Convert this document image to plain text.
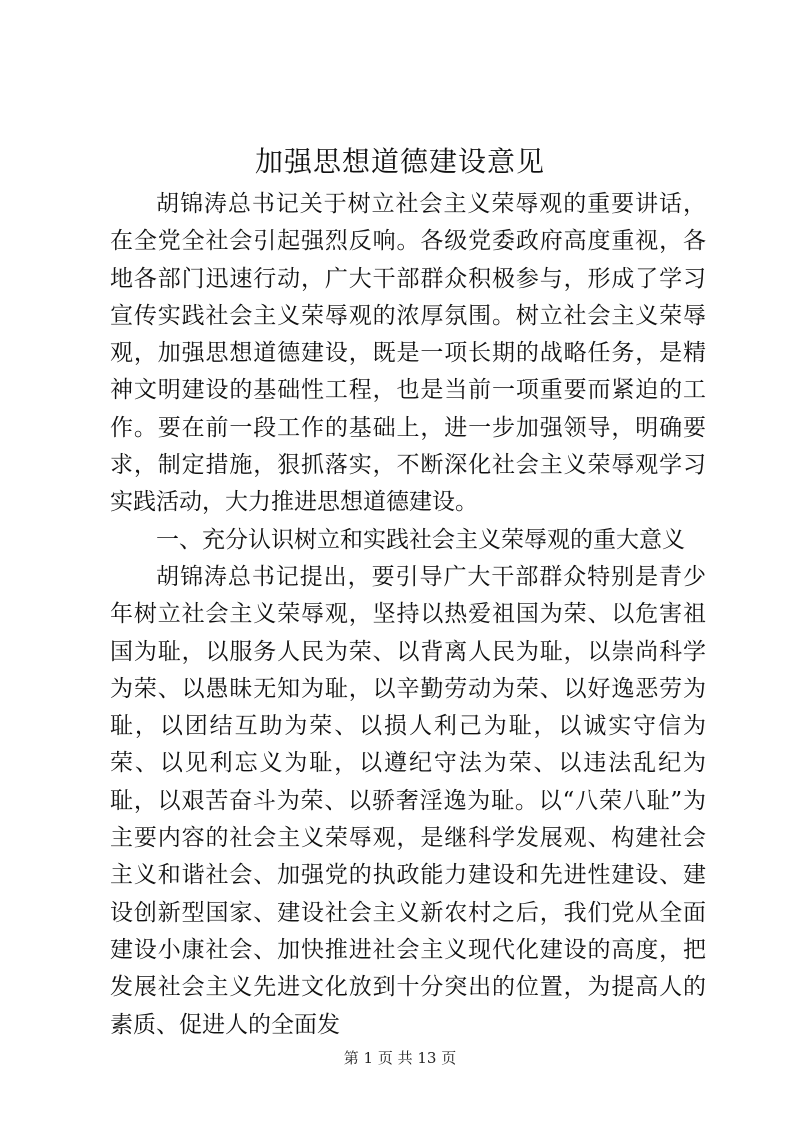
加强思想道德建设意见

胡锦涛总书记关于树立社会主义荣辱观的重要讲话，在全党全社会引起强烈反响。各级党委政府高度重视，各地各部门迅速行动，广大干部群众积极参与，形成了学习宣传实践社会主义荣辱观的浓厚氛围。树立社会主义荣辱观，加强思想道德建设，既是一项长期的战略任务，是精神文明建设的基础性工程，也是当前一项重要而紧迫的工作。要在前一段工作的基础上，进一步加强领导，明确要求，制定措施，狠抓落实，不断深化社会主义荣辱观学习实践活动，大力推进思想道德建设。

一、充分认识树立和实践社会主义荣辱观的重大意义

胡锦涛总书记提出，要引导广大干部群众特别是青少年树立社会主义荣辱观，坚持以热爱祖国为荣、以危害祖国为耻，以服务人民为荣、以背离人民为耻，以崇尚科学为荣、以愚昧无知为耻，以辛勤劳动为荣、以好逸恶劳为耻，以团结互助为荣、以损人利己为耻，以诚实守信为荣、以见利忘义为耻，以遵纪守法为荣、以违法乱纪为耻，以艰苦奋斗为荣、以骄奢淫逸为耻。以“八荣八耻”为主要内容的社会主义荣辱观，是继科学发展观、构建社会主义和谐社会、加强党的执政能力建设和先进性建设、建设创新型国家、建设社会主义新农村之后，我们党从全面建设小康社会、加快推进社会主义现代化建设的高度，把发展社会主义先进文化放到十分突出的位置，为提高人的素质、促进人的全面发

第 1 页 共 13 页
